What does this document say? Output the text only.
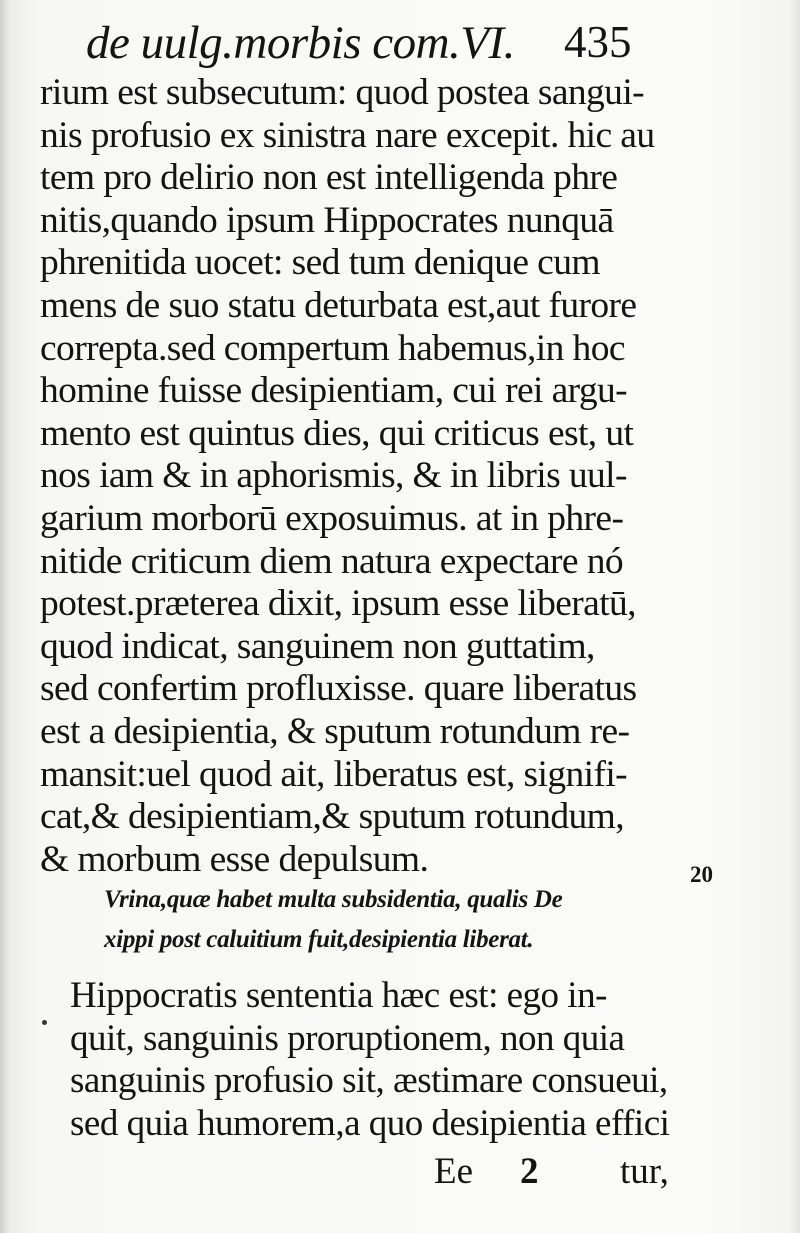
de uulg.morbis com.VI. 435
rium est subsecutum: quod postea sangui-
nis profusio ex sinistra nare excepit. hic au
tem pro delirio non est intelligenda phre
nitis,quando ipsum Hippocrates nunquā
phrenitida uocet: sed tum denique cum
mens de suo statu deturbata est,aut furore
correpta.sed compertum habemus,in hoc
homine fuisse desipientiam, cui rei argu-
mento est quintus dies, qui criticus est, ut
nos iam & in aphorismis, & in libris uul-
garium morborū exposuimus. at in phre-
nitide criticum diem natura expectare nó
potest.præterea dixit, ipsum esse liberatū,
quod indicat, sanguinem non guttatim,
sed confertim profluxisse. quare liberatus
est a desipientia, & sputum rotundum re-
mansit:uel quod ait, liberatus est, signifi-
cat,& desipientiam,& sputum rotundum,
& morbum esse depulsum.	20
Vrina,quæ habet multa subsidentia, qualis De
xippi post caluitium fuit,desipientia liberat.
Hippocratis sententia hæc est: ego in-
quit, sanguinis proruptionem, non quia
sanguinis profusio sit, æstimare consueui,
sed quia humorem,a quo desipientia effici
Ee 2 tur,
